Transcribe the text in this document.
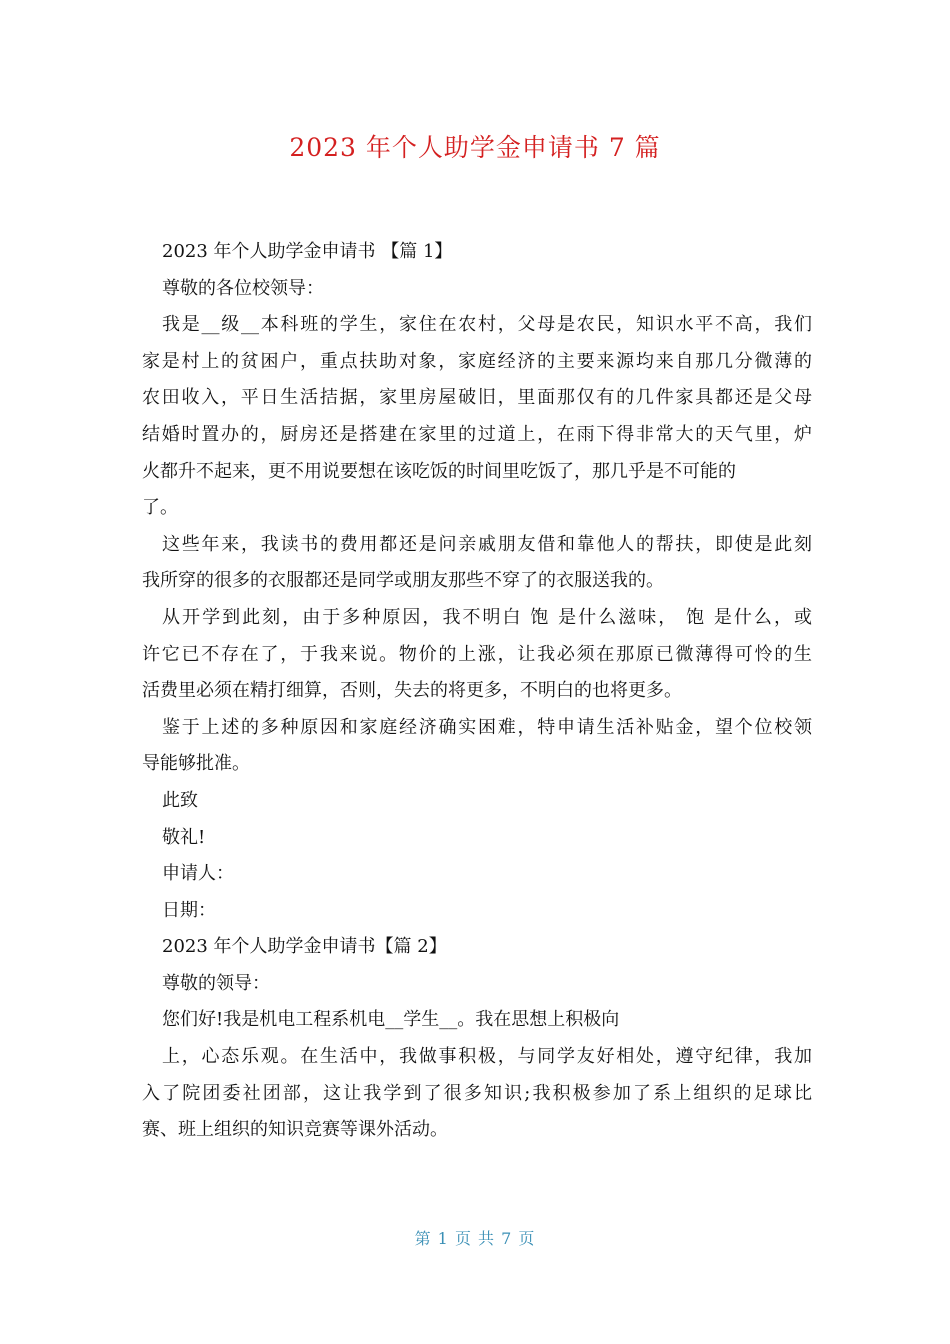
2023 年个人助学金申请书 7 篇
2023 年个人助学金申请书 【篇 1】
尊敬的各位校领导：
我是__级__本科班的学生，家住在农村，父母是农民，知识水平不高，我们
家是村上的贫困户，重点扶助对象，家庭经济的主要来源均来自那几分微薄的
农田收入，平日生活拮据，家里房屋破旧，里面那仅有的几件家具都还是父母
结婚时置办的，厨房还是搭建在家里的过道上，在雨下得非常大的天气里，炉
火都升不起来，更不用说要想在该吃饭的时间里吃饭了，那几乎是不可能的
了。
这些年来，我读书的费用都还是问亲戚朋友借和靠他人的帮扶，即使是此刻
我所穿的很多的衣服都还是同学或朋友那些不穿了的衣服送我的。
从开学到此刻，由于多种原因，我不明白 饱 是什么滋味， 饱 是什么，或
许它已不存在了，于我来说。物价的上涨，让我必须在那原已微薄得可怜的生
活费里必须在精打细算，否则，失去的将更多，不明白的也将更多。
鉴于上述的多种原因和家庭经济确实困难，特申请生活补贴金，望个位校领
导能够批准。
此致
敬礼!
申请人：
日期：
2023 年个人助学金申请书【篇 2】
尊敬的领导：
您们好!我是机电工程系机电__学生__。我在思想上积极向
上，心态乐观。在生活中，我做事积极，与同学友好相处，遵守纪律，我加
入了院团委社团部，这让我学到了很多知识;我积极参加了系上组织的足球比
赛、班上组织的知识竞赛等课外活动。
第 1 页 共 7 页
